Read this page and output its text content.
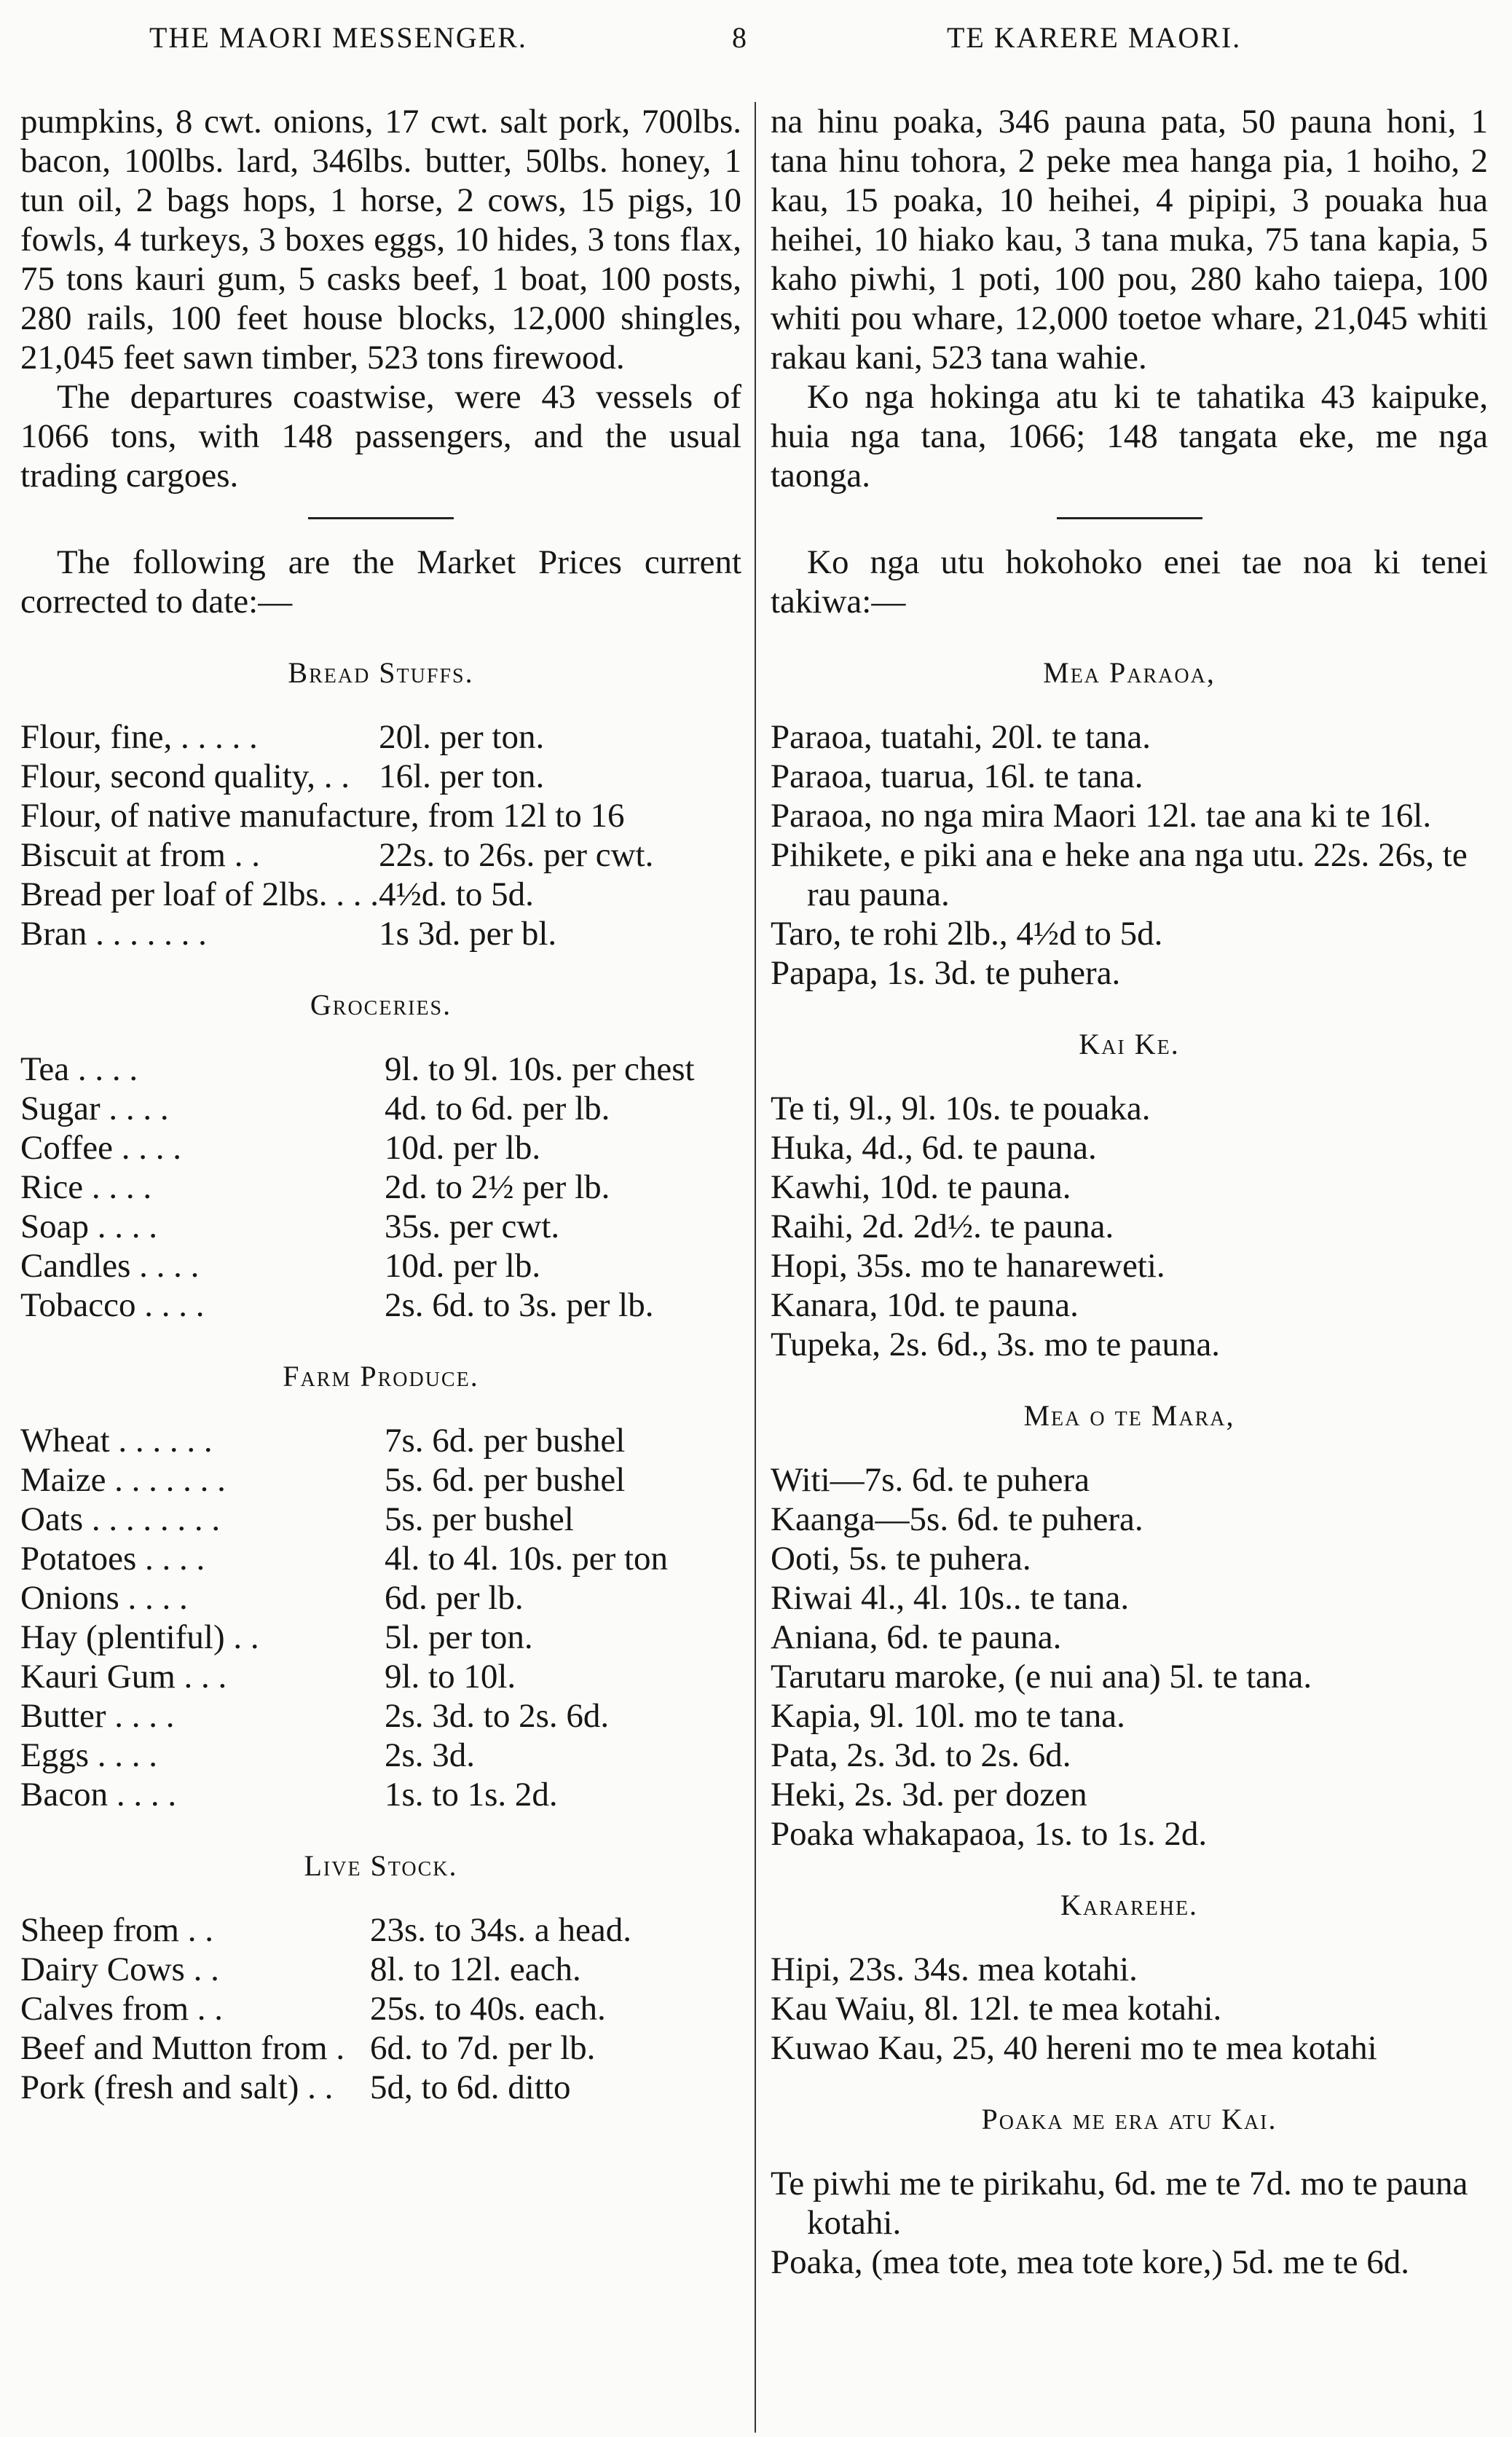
THE MAORI MESSENGER.	8	TE KARERE MAORI.

pumpkins, 8 cwt. onions, 17 cwt. salt pork, 700lbs. bacon, 100lbs. lard, 346lbs. butter, 50lbs. honey, 1 tun oil, 2 bags hops, 1 horse, 2 cows, 15 pigs, 10 fowls, 4 turkeys, 3 boxes eggs, 10 hides, 3 tons flax, 75 tons kauri gum, 5 casks beef, 1 boat, 100 posts, 280 rails, 100 feet house blocks, 12,000 shingles, 21,045 feet sawn timber, 523 tons firewood.

The departures coastwise, were 43 vessels of 1066 tons, with 148 passengers, and the usual trading cargoes.

The following are the Market Prices current corrected to date:—

Bread Stuffs.
Flour, fine, . . . . .	20l. per ton.
Flour, second quality, . .	16l. per ton.
Flour, of native manufacture, from 12l to 16	
Biscuit at from . .	22s. to 26s. per cwt.
Bread per loaf of 2lbs. . . .	4½d. to 5d.
Bran . . . . . . .	1s 3d. per bl.
Groceries.
Tea . . . .	9l. to 9l. 10s. per chest
Sugar . . . .	4d. to 6d. per lb.
Coffee . . . .	10d. per lb.
Rice . . . .	2d. to 2½ per lb.
Soap . . . .	35s. per cwt.
Candles . . . .	10d. per lb.
Tobacco . . . .	2s. 6d. to 3s. per lb.
Farm Produce.
Wheat . . . . . .	7s. 6d. per bushel
Maize . . . . . . .	5s. 6d. per bushel
Oats . . . . . . . .	5s. per bushel
Potatoes . . . .	4l. to 4l. 10s. per ton
Onions . . . .	6d. per lb.
Hay (plentiful) . .	5l. per ton.
Kauri Gum . . .	9l. to 10l.
Butter . . . .	2s. 3d. to 2s. 6d.
Eggs . . . .	2s. 3d.
Bacon . . . .	1s. to 1s. 2d.
Live Stock.
Sheep from . .	23s. to 34s. a head.
Dairy Cows . .	8l. to 12l. each.
Calves from . .	25s. to 40s. each.
Beef and Mutton from .	6d. to 7d. per lb.
Pork (fresh and salt) . .	5d, to 6d. ditto

na hinu poaka, 346 pauna pata, 50 pauna honi, 1 tana hinu tohora, 2 peke mea hanga pia, 1 hoiho, 2 kau, 15 poaka, 10 heihei, 4 pipipi, 3 pouaka hua heihei, 10 hiako kau, 3 tana muka, 75 tana kapia, 5 kaho piwhi, 1 poti, 100 pou, 280 kaho taiepa, 100 whiti pou whare, 12,000 toetoe whare, 21,045 whiti rakau kani, 523 tana wahie.

Ko nga hokinga atu ki te tahatika 43 kaipuke, huia nga tana, 1066; 148 tangata eke, me nga taonga.

Ko nga utu hokohoko enei tae noa ki tenei takiwa:—

Mea Paraoa,
Paraoa, tuatahi, 20l. te tana.
Paraoa, tuarua, 16l. te tana.
Paraoa, no nga mira Maori 12l. tae ana ki te 16l.
Pihikete, e piki ana e heke ana nga utu. 22s. 26s, te rau pauna.
Taro, te rohi 2lb., 4½d to 5d.
Papapa, 1s. 3d. te puhera.
Kai Ke.
Te ti, 9l., 9l. 10s. te pouaka.
Huka, 4d., 6d. te pauna.
Kawhi, 10d. te pauna.
Raihi, 2d. 2d½. te pauna.
Hopi, 35s. mo te hanareweti.
Kanara, 10d. te pauna.
Tupeka, 2s. 6d., 3s. mo te pauna.
Mea o te Mara,
Witi—7s. 6d. te puhera
Kaanga—5s. 6d. te puhera.
Ooti, 5s. te puhera.
Riwai 4l., 4l. 10s.. te tana.
Aniana, 6d. te pauna.
Tarutaru maroke, (e nui ana) 5l. te tana.
Kapia, 9l. 10l. mo te tana.
Pata, 2s. 3d. to 2s. 6d.
Heki, 2s. 3d. per dozen
Poaka whakapaoa, 1s. to 1s. 2d.
Kararehe.
Hipi, 23s. 34s. mea kotahi.
Kau Waiu, 8l. 12l. te mea kotahi.
Kuwao Kau, 25, 40 hereni mo te mea kotahi
Poaka me era atu Kai.
Te piwhi me te pirikahu, 6d. me te 7d. mo te pauna kotahi.
Poaka, (mea tote, mea tote kore,) 5d. me te 6d.
